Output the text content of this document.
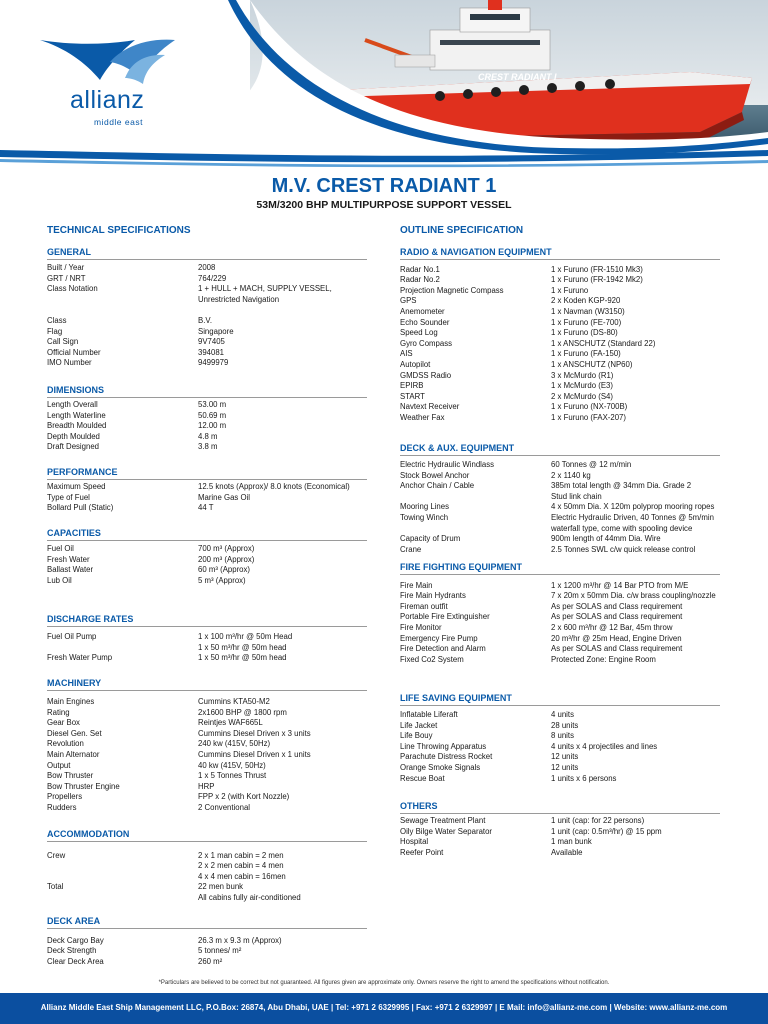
CREST RADIANT I
allianz
middle east
M.V. CREST RADIANT 1
53M/3200 BHP MULTIPURPOSE SUPPORT VESSEL
TECHNICAL SPECIFICATIONS	OUTLINE SPECIFICATION
GENERAL
Built / Year	2008
GRT / NRT	764/229
Class Notation	1 + HULL + MACH, SUPPLY VESSEL,
Unrestricted Navigation

Class	B.V.
Flag	Singapore
Call Sign	9V7405
Official Number	394081
IMO Number	9499979
DIMENSIONS
Length Overall	53.00 m
Length Waterline	50.69 m
Breadth Moulded	12.00 m
Depth Moulded	4.8 m
Draft Designed	3.8 m
PERFORMANCE
Maximum Speed	12.5 knots (Approx)/ 8.0 knots (Economical)
Type of Fuel	Marine Gas Oil
Bollard Pull (Static)	44 T
CAPACITIES
Fuel Oil	700 m³ (Approx)
Fresh Water	200 m³ (Approx)
Ballast Water	60 m³ (Approx)
Lub Oil	5 m³ (Approx)
DISCHARGE RATES
Fuel Oil Pump	1 x 100 m³/hr @ 50m Head
1 x 50 m³/hr @ 50m head
Fresh Water Pump	1 x 50 m³/hr @ 50m head
MACHINERY
Main Engines	Cummins KTA50-M2
Rating	2x1600 BHP @ 1800 rpm
Gear Box	Reintjes WAF665L
Diesel Gen. Set	Cummins Diesel Driven x 3 units
Revolution	240 kw (415V, 50Hz)
Main Alternator	Cummins Diesel Driven x 1 units
Output	40 kw (415V, 50Hz)
Bow Thruster	1 x 5 Tonnes Thrust
Bow Thruster Engine	HRP
Propellers	FPP x 2 (with Kort Nozzle)
Rudders	2 Conventional
ACCOMMODATION

Crew	2 x 1 man cabin = 2 men
2 x 2 men cabin = 4 men
4 x 4 men cabin = 16men
Total	22 men bunk
All cabins fully air-conditioned
DECK AREA

Deck Cargo Bay	26.3 m x 9.3 m (Approx)
Deck Strength	5 tonnes/ m²
Clear Deck Area	260 m²
RADIO & NAVIGATION EQUIPMENT

Radar No.1	1 x Furuno (FR-1510 Mk3)
Radar No.2	1 x Furuno (FR-1942 Mk2)
Projection Magnetic Compass	1 x Furuno
GPS	2 x Koden KGP-920
Anemometer	1 x Navman (W3150)
Echo Sounder	1 x Furuno (FE-700)
Speed Log	1 x Furuno (DS-80)
Gyro Compass	1 x ANSCHUTZ (Standard 22)
AIS	1 x Furuno (FA-150)
Autopilot	1 x ANSCHUTZ (NP60)
GMDSS Radio	3 x McMurdo (R1)
EPIRB	1 x McMurdo (E3)
START	2 x McMurdo (S4)
Navtext Receiver	1 x Furuno (NX-700B)
Weather Fax	1 x Furuno (FAX-207)
DECK & AUX. EQUIPMENT
Electric Hydraulic Windlass	60 Tonnes @ 12 m/min
Stock Bowel Anchor	2 x 1140 kg
Anchor Chain / Cable	385m total length @ 34mm Dia. Grade 2
Stud link chain
Mooring Lines	4 x 50mm Dia. X 120m polyprop mooring ropes
Towing Winch	Electric Hydraulic Driven, 40 Tonnes @ 5m/min
waterfall type, come with spooling device
Capacity of Drum	900m length of 44mm Dia. Wire
Crane	2.5 Tonnes SWL c/w quick release control
FIRE FIGHTING EQUIPMENT

Fire Main	1 x 1200 m³/hr @ 14 Bar PTO from M/E
Fire Main Hydrants	7 x 20m x 50mm Dia. c/w brass coupling/nozzle
Fireman outfit	As per SOLAS and Class requirement
Portable Fire Extinguisher	As per SOLAS and Class requirement
Fire Monitor	2 x 600 m³/hr @ 12 Bar, 45m throw
Emergency Fire Pump	20 m³/hr @ 25m Head, Engine Driven
Fire Detection and Alarm	As per SOLAS and Class requirement
Fixed Co2 System	Protected Zone: Engine Room
LIFE SAVING EQUIPMENT
Inflatable Liferaft	4 units
Life Jacket	28 units
Life Bouy	8 units
Line Throwing Apparatus	4 units x 4 projectiles and lines
Parachute Distress Rocket	12 units
Orange Smoke Signals	12 units
Rescue Boat	1 units x 6 persons
OTHERS
Sewage Treatment Plant	1 unit (cap: for 22 persons)
Oily Bilge Water Separator	1 unit (cap: 0.5m³/hr) @ 15 ppm
Hospital	1 man bunk
Reefer Point	Available
*Particulars are believed to be correct but not guaranteed. All figures given are approximate only. Owners reserve the right to amend the specifications without notification.
Allianz Middle East Ship Management LLC, P.O.Box: 26874, Abu Dhabi, UAE | Tel: +971 2 6329995 | Fax: +971 2 6329997 | E Mail: info@allianz-me.com | Website: www.allianz-me.com
